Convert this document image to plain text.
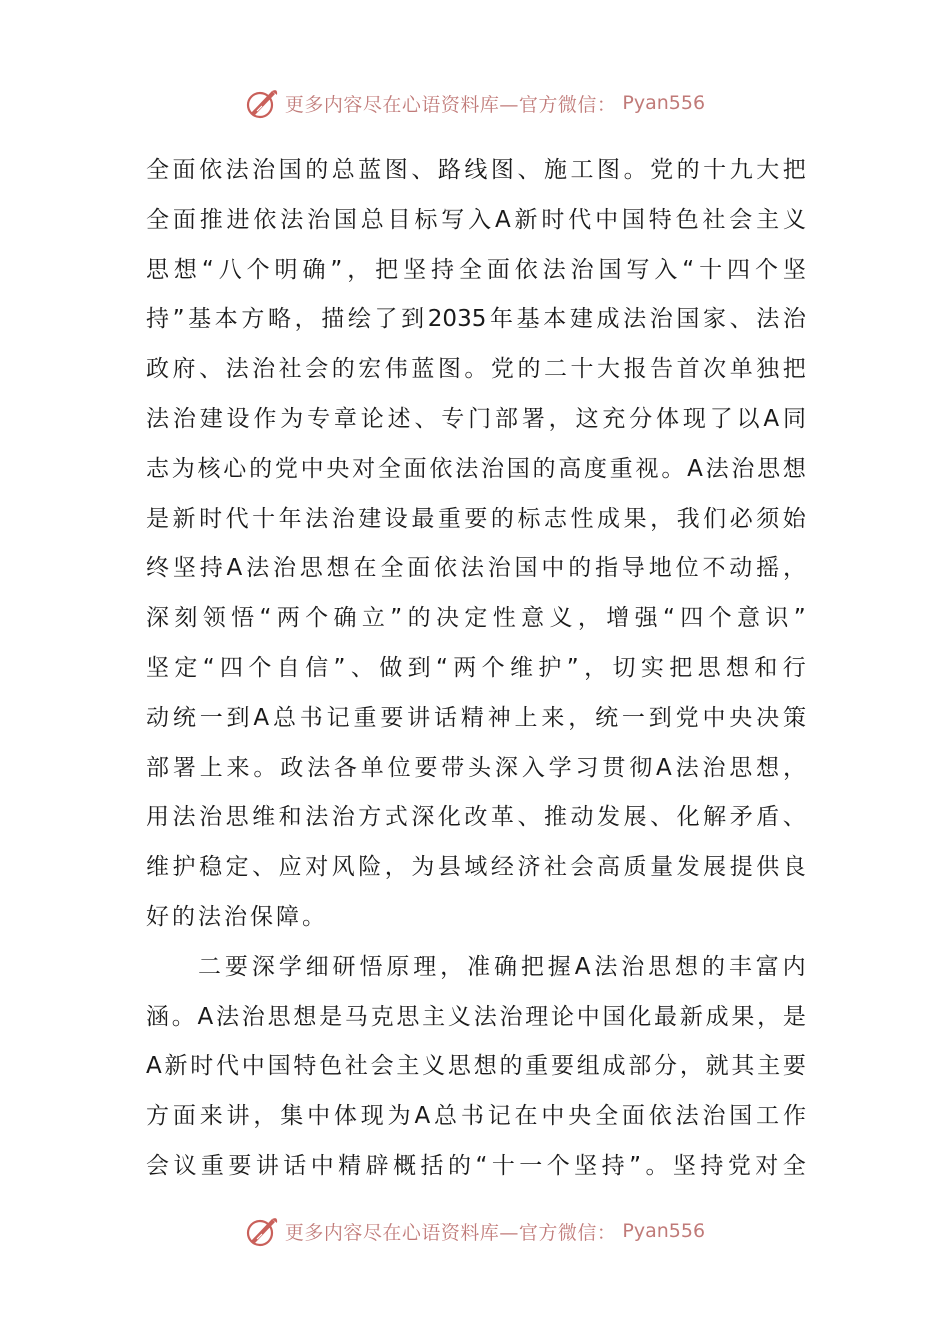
更多内容尽在心语资料库—官方微信： Pyan556
全 面 依 法 治 国 的 总 蓝 图 、 路 线 图 、 施 工 图 。 党 的 十 九 大 把
全 面 推 进 依 法 治 国 总 目 标 写 入 A 新 时 代 中 国 特 色 社 会 主 义
思 想 “ 八 个 明 确 ” ， 把 坚 持 全 面 依 法 治 国 写 入 “ 十 四 个 坚
持 ” 基 本 方 略 ， 描 绘 了 到 2035 年 基 本 建 成 法 治 国 家 、 法 治
政 府 、 法 治 社 会 的 宏 伟 蓝 图 。 党 的 二 十 大 报 告 首 次 单 独 把
法 治 建 设 作 为 专 章 论 述 、 专 门 部 署 ， 这 充 分 体 现 了 以 A 同
志 为 核 心 的 党 中 央 对 全 面 依 法 治 国 的 高 度 重 视 。 A 法 治 思 想
是 新 时 代 十 年 法 治 建 设 最 重 要 的 标 志 性 成 果 ， 我 们 必 须 始
终 坚 持 A 法 治 思 想 在 全 面 依 法 治 国 中 的 指 导 地 位 不 动 摇 ，
深 刻 领 悟 “ 两 个 确 立 ” 的 决 定 性 意 义 ， 增 强 “ 四 个 意 识 ”
坚 定 “ 四 个 自 信 ” 、 做 到 “ 两 个 维 护 ” ， 切 实 把 思 想 和 行
动 统 一 到 A 总 书 记 重 要 讲 话 精 神 上 来 ， 统 一 到 党 中 央 决 策
部 署 上 来 。 政 法 各 单 位 要 带 头 深 入 学 习 贯 彻 A 法 治 思 想 ，
用 法 治 思 维 和 法 治 方 式 深 化 改 革 、 推 动 发 展 、 化 解 矛 盾 、
维 护 稳 定 、 应 对 风 险 ， 为 县 域 经 济 社 会 高 质 量 发 展 提 供 良
好的法治保障。
二 要 深 学 细 研 悟 原 理 ， 准 确 把 握 A 法 治 思 想 的 丰 富 内
涵 。 A 法 治 思 想 是 马 克 思 主 义 法 治 理 论 中 国 化 最 新 成 果 ， 是
A 新 时 代 中 国 特 色 社 会 主 义 思 想 的 重 要 组 成 部 分 ， 就 其 主 要
方 面 来 讲 ， 集 中 体 现 为 A 总 书 记 在 中 央 全 面 依 法 治 国 工 作
会 议 重 要 讲 话 中 精 辟 概 括 的 “ 十 一 个 坚 持 ” 。 坚 持 党 对 全
更多内容尽在心语资料库—官方微信： Pyan556
